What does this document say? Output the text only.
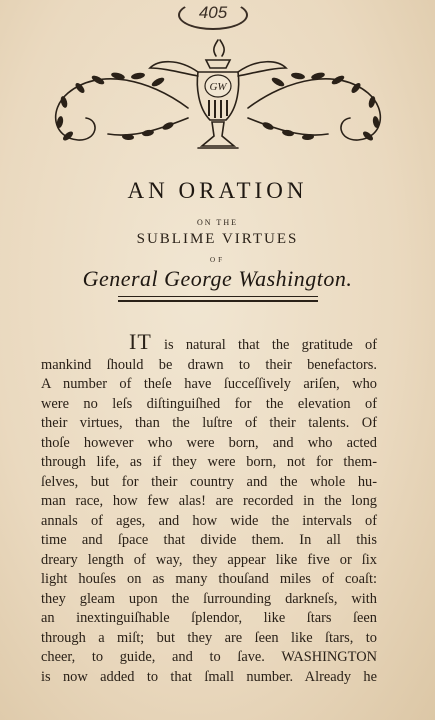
405
GW
AN ORATION
ON THE
SUBLIME VIRTUES
OF
General George Washington.
IT is natural that the gratitude of
mankind ſhould be drawn to their benefactors.
A number of theſe have ſucceſſively ariſen, who
were no leſs diſtinguiſhed for the elevation of
their virtues, than the luſtre of their talents. Of
thoſe however who were born, and who acted
through life, as if they were born, not for them-
ſelves, but for their country and the whole hu-
man race, how few alas! are recorded in the long
annals of ages, and how wide the intervals of
time and ſpace that divide them. In all this
dreary length of way, they appear like five or ſix
light houſes on as many thouſand miles of coaſt:
they gleam upon the ſurrounding darkneſs, with
an inextinguiſhable ſplendor, like ſtars ſeen
through a miſt; but they are ſeen like ſtars, to
cheer, to guide, and to ſave. WASHINGTON
is now added to that ſmall number. Already he
